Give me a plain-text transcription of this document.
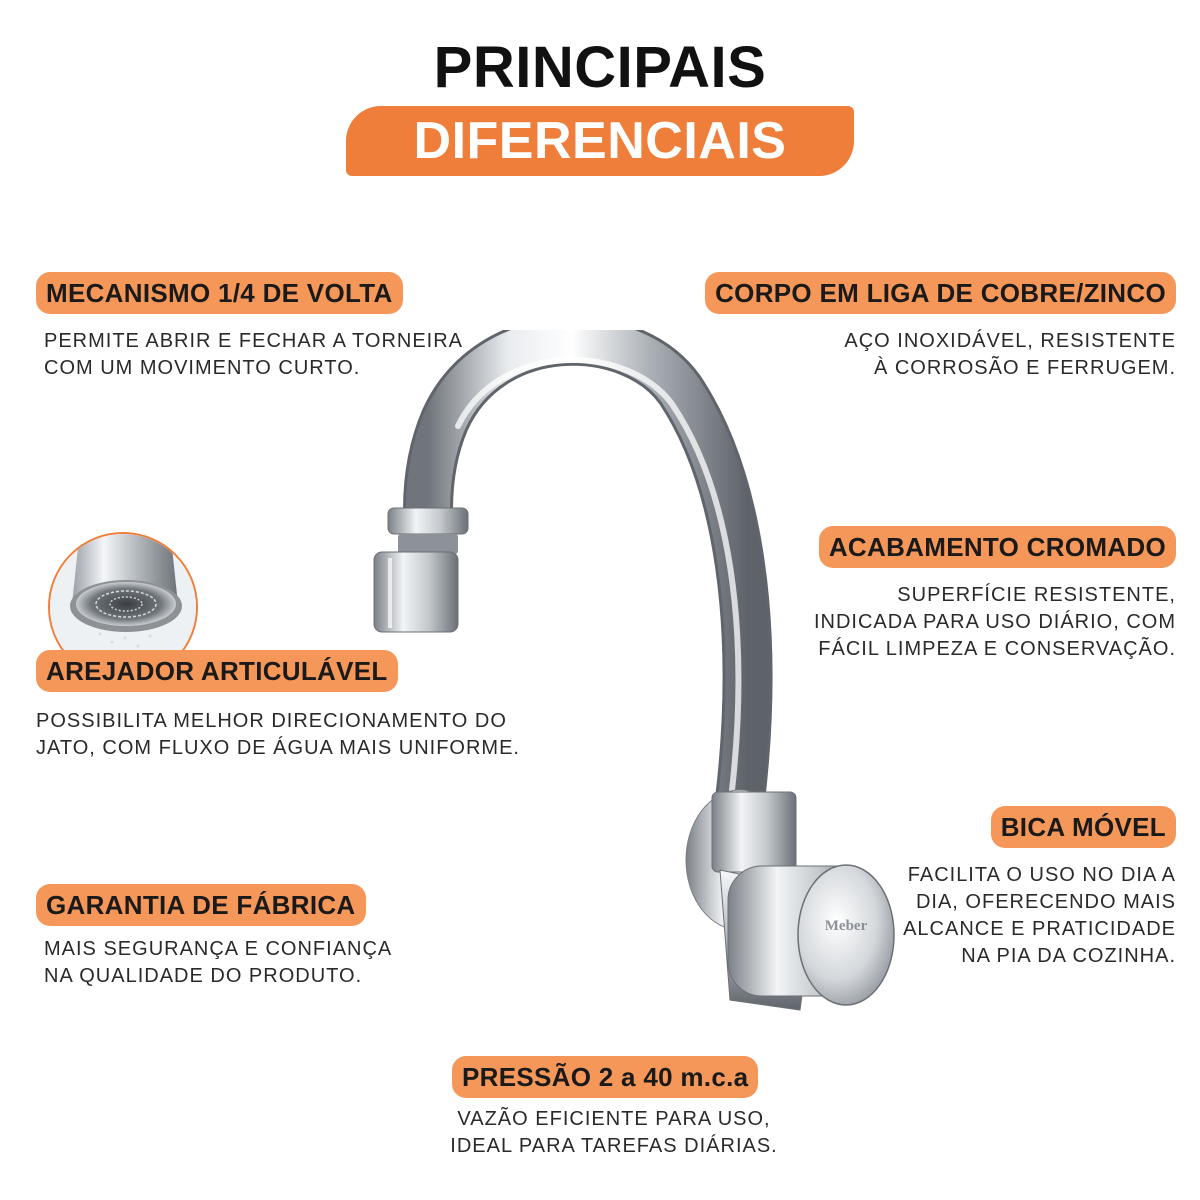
PRINCIPAIS
DIFERENCIAIS
MECANISMO 1/4 DE VOLTA
PERMITE ABRIR E FECHAR A TORNEIRA
COM UM MOVIMENTO CURTO.
CORPO EM LIGA DE COBRE/ZINCO
AÇO INOXIDÁVEL, RESISTENTE
À CORROSÃO E FERRUGEM.
ACABAMENTO CROMADO
SUPERFÍCIE RESISTENTE,
INDICADA PARA USO DIÁRIO, COM
FÁCIL LIMPEZA E CONSERVAÇÃO.
AREJADOR ARTICULÁVEL
POSSIBILITA MELHOR DIRECIONAMENTO DO
JATO, COM FLUXO DE ÁGUA MAIS UNIFORME.
BICA MÓVEL
FACILITA O USO NO DIA A
DIA, OFERECENDO MAIS
ALCANCE E PRATICIDADE
NA PIA DA COZINHA.
GARANTIA DE FÁBRICA
MAIS SEGURANÇA E CONFIANÇA
NA QUALIDADE DO PRODUTO.
PRESSÃO 2 a 40 m.c.a
VAZÃO EFICIENTE PARA USO,
IDEAL PARA TAREFAS DIÁRIAS.
Meber
